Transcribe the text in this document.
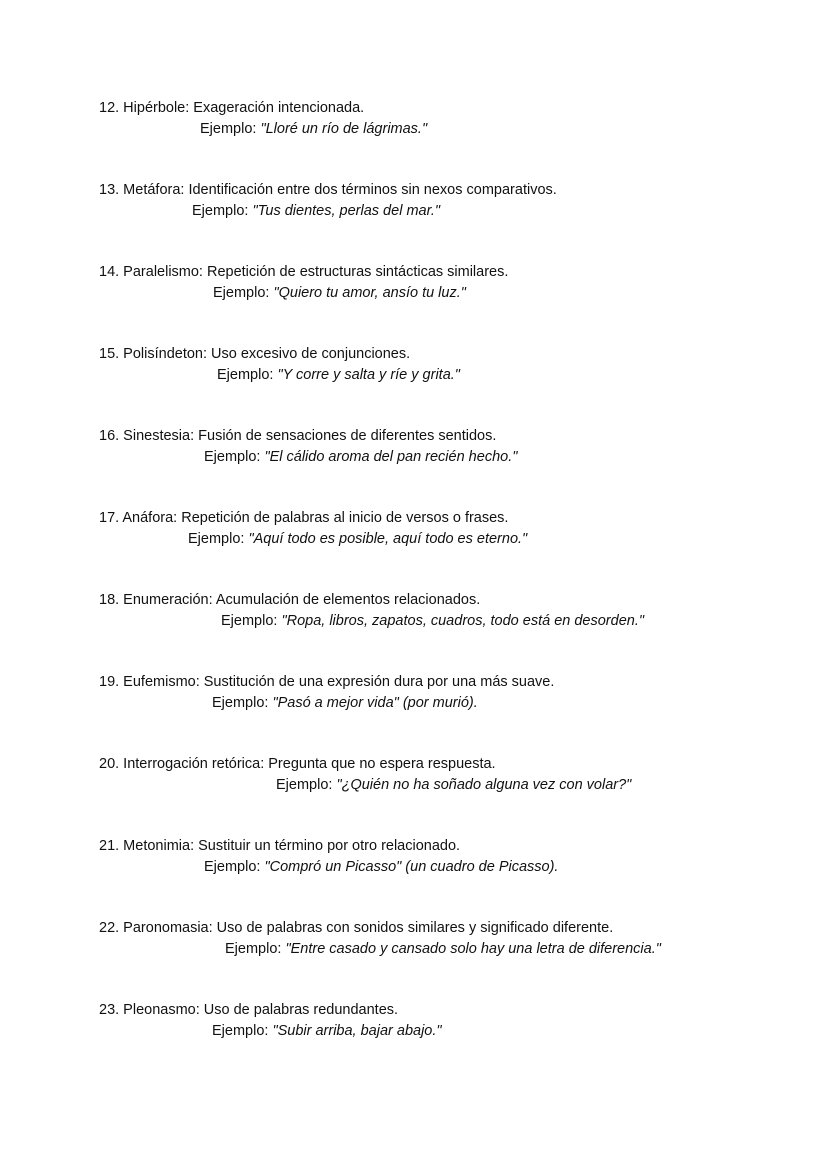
12. Hipérbole: Exageración intencionada.
Ejemplo: "Lloré un río de lágrimas."
13. Metáfora: Identificación entre dos términos sin nexos comparativos.
Ejemplo: "Tus dientes, perlas del mar."
14. Paralelismo: Repetición de estructuras sintácticas similares.
Ejemplo: "Quiero tu amor, ansío tu luz."
15. Polisíndeton: Uso excesivo de conjunciones.
Ejemplo: "Y corre y salta y ríe y grita."
16. Sinestesia: Fusión de sensaciones de diferentes sentidos.
Ejemplo: "El cálido aroma del pan recién hecho."
17. Anáfora: Repetición de palabras al inicio de versos o frases.
Ejemplo: "Aquí todo es posible, aquí todo es eterno."
18. Enumeración: Acumulación de elementos relacionados.
Ejemplo: "Ropa, libros, zapatos, cuadros, todo está en desorden."
19. Eufemismo: Sustitución de una expresión dura por una más suave.
Ejemplo: "Pasó a mejor vida" (por murió).
20. Interrogación retórica: Pregunta que no espera respuesta.
Ejemplo: "¿Quién no ha soñado alguna vez con volar?"
21. Metonimia: Sustituir un término por otro relacionado.
Ejemplo: "Compró un Picasso" (un cuadro de Picasso).
22. Paronomasia: Uso de palabras con sonidos similares y significado diferente.
Ejemplo: "Entre casado y cansado solo hay una letra de diferencia."
23. Pleonasmo: Uso de palabras redundantes.
Ejemplo: "Subir arriba, bajar abajo."
